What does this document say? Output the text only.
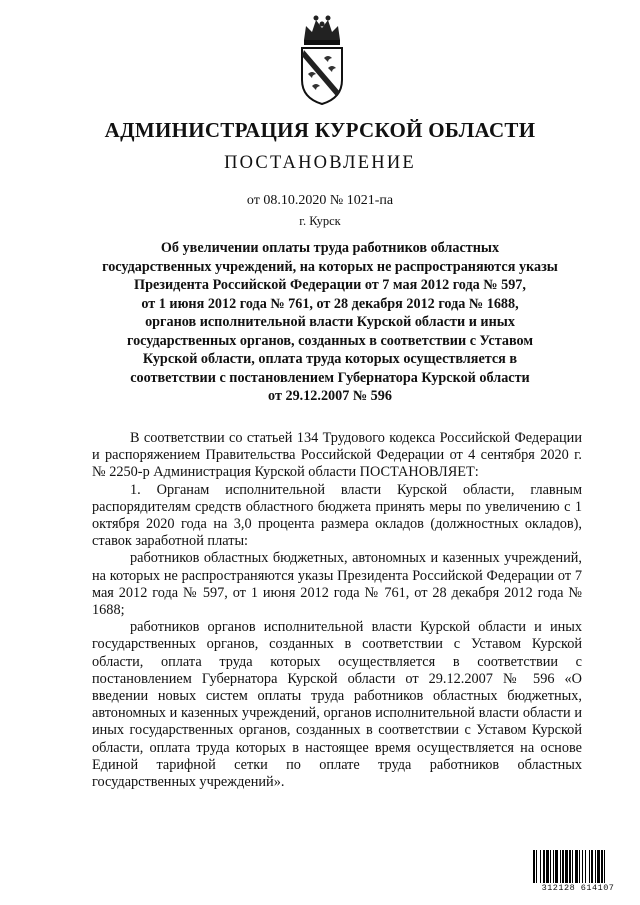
АДМИНИСТРАЦИЯ КУРСКОЙ ОБЛАСТИ
ПОСТАНОВЛЕНИЕ
от 08.10.2020 № 1021-па
г. Курск
Об увеличении оплаты труда работников областных
государственных учреждений, на которых не распространяются указы
Президента Российской Федерации от 7 мая 2012 года № 597,
от 1 июня 2012 года № 761, от 28 декабря 2012 года № 1688,
органов исполнительной власти Курской области и иных
государственных органов, созданных в соответствии с Уставом
Курской области, оплата труда которых осуществляется в
соответствии с постановлением Губернатора Курской области
от 29.12.2007 № 596

В соответствии со статьей 134 Трудового кодекса Российской Федерации и распоряжением Правительства Российской Федерации от 4 сентября 2020 г. № 2250-р Администрация Курской области ПОСТАНОВЛЯЕТ:

1. Органам исполнительной власти Курской области, главным распорядителям средств областного бюджета принять меры по увеличению с 1 октября 2020 года на 3,0 процента размера окладов (должностных окладов), ставок заработной платы:

работников областных бюджетных, автономных и казенных учреждений, на которых не распространяются указы Президента Российской Федерации от 7 мая 2012 года № 597, от 1 июня 2012 года № 761, от 28 декабря 2012 года № 1688;

работников органов исполнительной власти Курской области и иных государственных органов, созданных в соответствии с Уставом Курской области, оплата труда которых осуществляется в соответствии с постановлением Губернатора Курской области от 29.12.2007 № 596 «О введении новых систем оплаты труда работников областных бюджетных, автономных и казенных учреждений, органов исполнительной власти области и иных государственных органов, созданных в соответствии с Уставом Курской области, оплата труда которых в настоящее время осуществляется на основе Единой тарифной сетки по оплате труда работников областных государственных учреждений».

312128 614107
